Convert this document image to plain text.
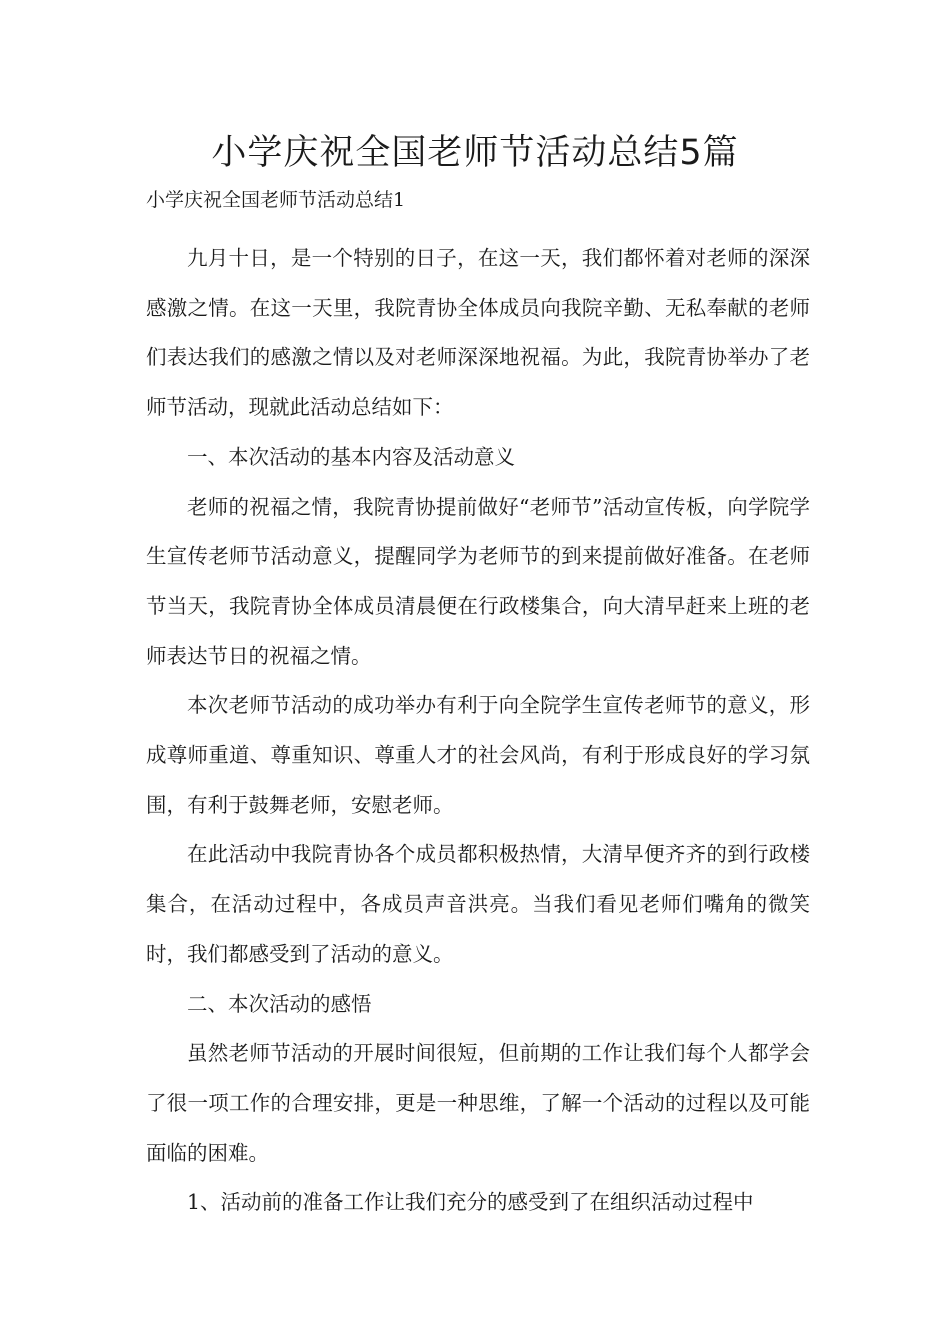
小学庆祝全国老师节活动总结5篇

小学庆祝全国老师节活动总结1

九月十日，是一个特别的日子，在这一天，我们都怀着对老师的深深感激之情。在这一天里，我院青协全体成员向我院辛勤、无私奉献的老师们表达我们的感激之情以及对老师深深地祝福。为此，我院青协举办了老师节活动，现就此活动总结如下：

一、本次活动的基本内容及活动意义

老师的祝福之情，我院青协提前做好“老师节”活动宣传板，向学院学生宣传老师节活动意义，提醒同学为老师节的到来提前做好准备。在老师节当天，我院青协全体成员清晨便在行政楼集合，向大清早赶来上班的老师表达节日的祝福之情。

本次老师节活动的成功举办有利于向全院学生宣传老师节的意义，形成尊师重道、尊重知识、尊重人才的社会风尚，有利于形成良好的学习氛围，有利于鼓舞老师，安慰老师。

在此活动中我院青协各个成员都积极热情，大清早便齐齐的到行政楼集合，在活动过程中，各成员声音洪亮。当我们看见老师们嘴角的微笑时，我们都感受到了活动的意义。

二、本次活动的感悟

虽然老师节活动的开展时间很短，但前期的工作让我们每个人都学会了很一项工作的合理安排，更是一种思维，了解一个活动的过程以及可能面临的困难。

1、活动前的准备工作让我们充分的感受到了在组织活动过程中
